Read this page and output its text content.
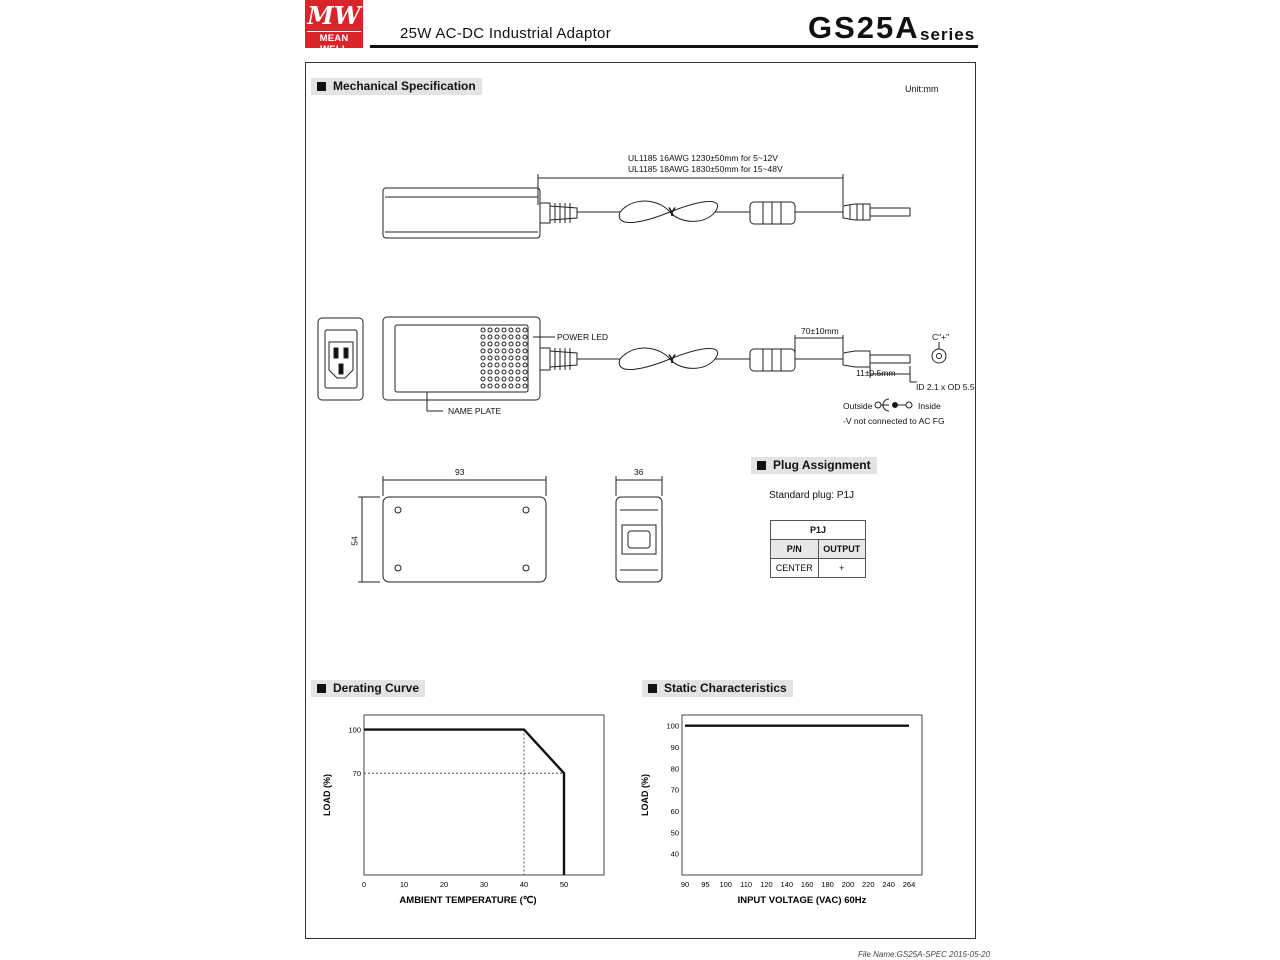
MW
MEAN WELL
25W AC-DC Industrial Adaptor	GS25A series
Mechanical Specification	Unit:mm
UL1185 16AWG 1230±50mm for 5~12V
UL1185 18AWG 1830±50mm for 15~48V
Y
Y
POWER LED
NAME PLATE
70±10mm
11±0.5mm
C"+"
ID 2.1 x OD 5.5
Outside	Inside
-V not connected to AC FG
93
54
36	Plug Assignment
Standard plug: P1J
P1J	
P/N	OUTPUT
CENTER	+
Derating Curve
0	10	20	30	40	50
100
70
LOAD (%)
AMBIENT TEMPERATURE (℃)
Static Characteristics
90 95 100 110 120 140 160 180 200 220 240 264
100
90
80
70
60
50
40
LOAD (%)
INPUT VOLTAGE (VAC) 60Hz
File Name:GS25A-SPEC 2015-05-20
